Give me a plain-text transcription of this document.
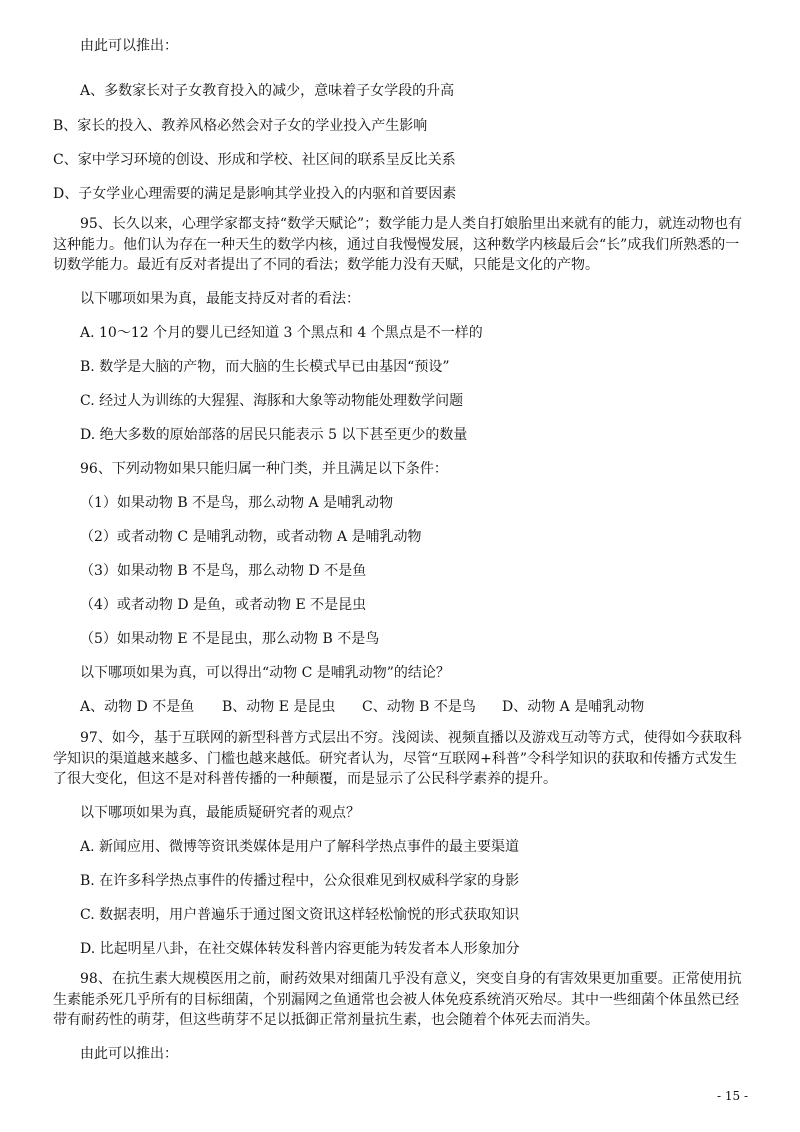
由此可以推出：
A、多数家长对子女教育投入的减少，意味着子女学段的升高
B、家长的投入、教养风格必然会对子女的学业投入产生影响
C、家中学习环境的创设、形成和学校、社区间的联系呈反比关系
D、子女学业心理需要的满足是影响其学业投入的内驱和首要因素
95、长久以来，心理学家都支持“数学天赋论”；数学能力是人类自打娘胎里出来就有的能力，就连动物也有这种能力。他们认为存在一种天生的数学内核，通过自我慢慢发展，这种数学内核最后会“长”成我们所熟悉的一切数学能力。最近有反对者提出了不同的看法；数学能力没有天赋，只能是文化的产物。
以下哪项如果为真，最能支持反对者的看法：
A. 10～12 个月的婴儿已经知道 3 个黑点和 4 个黑点是不一样的
B. 数学是大脑的产物，而大脑的生长模式早已由基因“预设”
C. 经过人为训练的大猩猩、海豚和大象等动物能处理数学问题
D. 绝大多数的原始部落的居民只能表示 5 以下甚至更少的数量
96、下列动物如果只能归属一种门类，并且满足以下条件：
（1）如果动物 B 不是鸟，那么动物 A 是哺乳动物
（2）或者动物 C 是哺乳动物，或者动物 A 是哺乳动物
（3）如果动物 B 不是鸟，那么动物 D 不是鱼
（4）或者动物 D 是鱼，或者动物 E 不是昆虫
（5）如果动物 E 不是昆虫，那么动物 B 不是鸟
以下哪项如果为真，可以得出“动物 C 是哺乳动物”的结论？
A、动物 D 不是鱼 B、动物 E 是昆虫 C、动物 B 不是鸟 D、动物 A 是哺乳动物
97、如今，基于互联网的新型科普方式层出不穷。浅阅读、视频直播以及游戏互动等方式，使得如今获取科学知识的渠道越来越多、门槛也越来越低。研究者认为，尽管“互联网+科普”令科学知识的获取和传播方式发生了很大变化，但这不是对科普传播的一种颠覆，而是显示了公民科学素养的提升。
以下哪项如果为真，最能质疑研究者的观点？
A. 新闻应用、微博等资讯类媒体是用户了解科学热点事件的最主要渠道
B. 在许多科学热点事件的传播过程中，公众很难见到权威科学家的身影
C. 数据表明，用户普遍乐于通过图文资讯这样轻松愉悦的形式获取知识
D. 比起明星八卦，在社交媒体转发科普内容更能为转发者本人形象加分
98、在抗生素大规模医用之前，耐药效果对细菌几乎没有意义，突变自身的有害效果更加重要。正常使用抗生素能杀死几乎所有的目标细菌，个别漏网之鱼通常也会被人体免疫系统消灭殆尽。其中一些细菌个体虽然已经带有耐药性的萌芽，但这些萌芽不足以抵御正常剂量抗生素，也会随着个体死去而消失。
由此可以推出：
- 15 -
